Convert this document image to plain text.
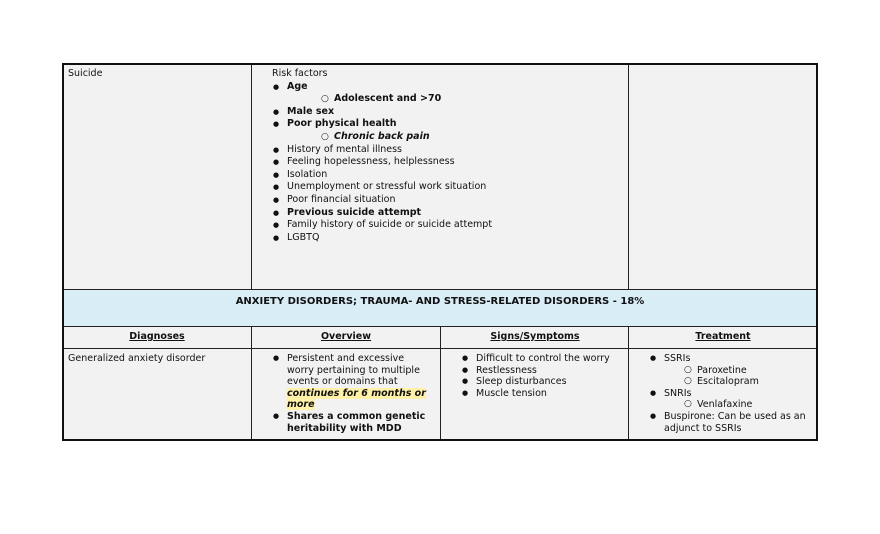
Suicide	Risk factors
● Age
○ Adolescent and >70
● Male sex
● Poor physical health
○ Chronic back pain
● History of mental illness
● Feeling hopelessness, helplessness
● Isolation
● Unemployment or stressful work situation
● Poor financial situation
● Previous suicide attempt
● Family history of suicide or suicide attempt
● LGBTQ
ANXIETY DISORDERS; TRAUMA- AND STRESS-RELATED DISORDERS - 18%
Diagnoses	Overview	Signs/Symptoms	Treatment
Generalized anxiety disorder
●	Persistent and excessive worry pertaining to multiple events or domains that continues for 6 months or more
● Shares a common genetic heritability with MDD
● Difficult to control the worry
● Restlessness
● Sleep disturbances
● Muscle tension
● SSRIs
○ Paroxetine
○ Escitalopram
● SNRIs
○ Venlafaxine
● Buspirone: Can be used as an adjunct to SSRIs
